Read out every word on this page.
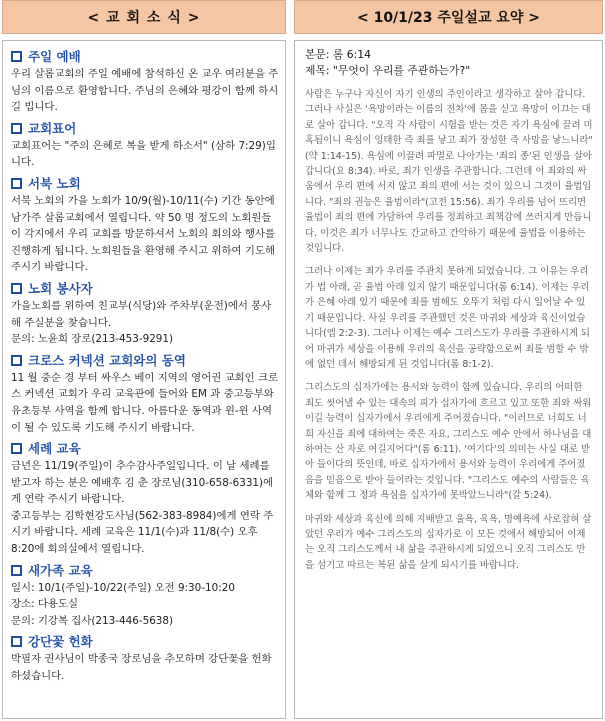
< 교 회 소 식 >	< 10/1/23 주일설교 요약 >
주일 예배

우리 살롬교회의 주일 예배에 참석하신 온 교우 여러분을 주님의 이름으로 환영합니다. 주님의 은혜와 평강이 함께 하시길 빕니다.

교회표어

교회표어는 "주의 은혜로 복을 받게 하소서" (삼하 7:29)입니다.

서북 노회

서북 노회의 가을 노회가 10/9(월)-10/11(수) 기간 동안에 남가주 살롬교회에서 열립니다. 약 50 명 정도의 노회원들이 각지에서 우리 교회를 방문하셔서 노회의 회의와 행사를 진행하게 됩니다. 노회원들을 환영해 주시고 위하여 기도해 주시기 바랍니다.

노회 봉사자

가을노회를 위하여 친교부(식당)와 주차부(운전)에서 봉사해 주실분을 찾습니다.

문의: 노윤희 장로(213-453-9291)

크로스 커넥션 교회와의 동역

11 월 중순 경 부터 싸우스 베이 지역의 영어권 교회인 크로스 커넥션 교회가 우리 교육관에 들어와 EM 과 중고등부와 유초등부 사역을 함께 합니다. 아름다운 동역과 윈-윈 사역이 될 수 있도록 기도해 주시기 바랍니다.

세례 교육

금년은 11/19(주일)이 추수감사주일입니다. 이 날 세례를 받고자 하는 분은 예배후 김 춘 장로님(310-658-6331)에게 연락 주시기 바랍니다.

중고등부는 김학현강도사님(562-383-8984)에게 연락 주시기 바랍니다. 세례 교육은 11/1(수)과 11/8(수) 오후 8:20에 회의실에서 열립니다.

새가족 교육

일시: 10/1(주일)-10/22(주일) 오전 9:30-10:20

장소: 다용도실

문의: 기강복 집사(213-446-5638)

강단꽃 헌화

박필자 권사님이 박종국 장로님을 추모하며 강단꽃을 헌화 하셨습니다.

본문: 롬 6:14
제목: "무엇이 우리를 주관하는가?"
사람은 누구나 자신이 자기 인생의 주인이라고 생각하고 살아 갑니다. 그러나 사실은 '욕망이라는 이름의 전차'에 몸을 싣고 욕망이 이끄는 대로 살아 갑니다. "오직 각 사람이 시험을 받는 것은 자기 욕심에 끌려 미혹됨이니 욕심이 잉태한 즉 죄를 낳고 죄가 장성한 즉 사망을 낳느니라"(약 1:14-15). 욕심에 이끌려 파멸로 나아가는 '죄의 종'된 인생을 살아 갑니다(요 8:34). 바로, 죄가 인생을 주관합니다. 그런데 이 죄와의 싸움에서 우리 편에 서지 않고 죄의 편에 서는 것이 있으니 그것이 율법입니다. "죄의 권능은 율법이라"(고전 15:56). 죄가 우리를 넘어 뜨리면 율법이 죄의 편에 가담하여 우리를 정죄하고 죄책감에 쓰러지게 만듭니다. 이것은 죄가 너무나도 간교하고 간악하기 때문에 율법을 이용하는 것입니다.
그러나 이제는 죄가 우리를 주관치 못하게 되었습니다. 그 이유는 우리가 법 아래, 곧 율법 아래 있지 않기 때문입니다(롬 6:14). 이제는 우리가 은혜 아래 있기 때문에 죄를 범해도 오뚜기 처럼 다시 일어날 수 있기 때문입니다. 사실 우리를 주관했던 것은 마귀와 세상과 육신이었습니다(엡 2:2-3). 그러나 이제는 예수 그리스도가 우리를 주관하시게 되어 마귀가 세상을 이용해 우리의 육신을 공략함으로써 죄를 범할 수 밖에 없던 데서 해방되게 된 것입니다(롬 8:1-2).
그리스도의 십자가에는 용서와 능력이 함께 있습니다. 우리의 어떠한 죄도 씻어낼 수 있는 대속의 피가 십자가에 흐르고 있고 또한 죄와 싸워 이길 능력이 십자가에서 우리에게 주어졌습니다. "이러므로 너희도 너희 자신을 죄에 대하여는 죽은 자요, 그리스도 예수 안에서 하나님을 대하여는 산 자로 여길지어다"(롬 6:11). '여기다'의 의미는 사실 대로 받아 들이다의 뜻인데, 바로 십자가에서 용서와 능력이 우리에게 주어졌음을 믿음으로 받아 들이라는 것입니다. "그리스도 예수의 사람들은 육체와 함께 그 정과 욕심을 십자가에 못박았느니라"(갈 5:24).
마귀와 세상과 육신에 의해 지배받고 울욕, 육욕, 명예욕에 사로잡혀 살았던 우리가 예수 그리스도의 십자가로 이 모든 것에서 해방되어 이제는 오직 그리스도께서 내 삶을 주관하시게 되었으니 오직 그리스도 만을 섬기고 따르는 복된 삶을 살게 되시기를 바랍니다.
